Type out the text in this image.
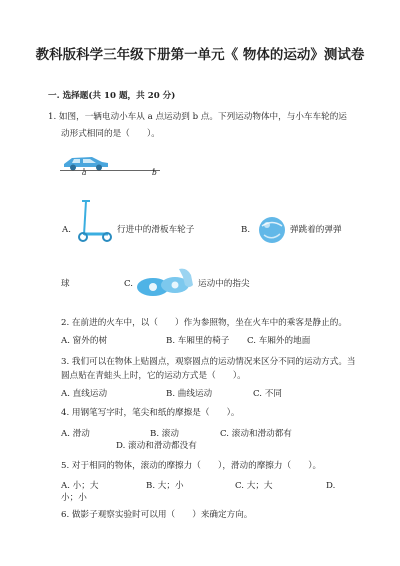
教科版科学三年级下册第一单元《 物体的运动》测试卷
一. 选择题(共 10 题，共 20 分)
1. 如图，一辆电动小车从 a 点运动到 b 点。下列运动物体中，与小车车轮的运
动形式相同的是（　　）。
a	b
A.	行进中的滑板车轮子	B.	弹跳着的弹弹
球	C.	运动中的指尖
2. 在前进的火车中，以（　　）作为参照物，坐在火车中的乘客是静止的。
A. 窗外的树	B. 车厢里的椅子 C. 车厢外的地面
3. 我们可以在物体上贴圆点，观察圆点的运动情况来区分不同的运动方式。当
圆点贴在青蛙头上时，它的运动方式是（　　）。
A. 直线运动	B. 曲线运动	C. 不同
4. 用钢笔写字时，笔尖和纸的摩擦是（　　）。
A. 滑动	B. 滚动	C. 滚动和滑动都有
D. 滚动和滑动都没有
5. 对于相同的物体，滚动的摩擦力（　　），滑动的摩擦力（　　）。
A. 小；大	B. 大；小	C. 大；大	D.
小；小
6. 做影子观察实验时可以用（　　）来确定方向。
